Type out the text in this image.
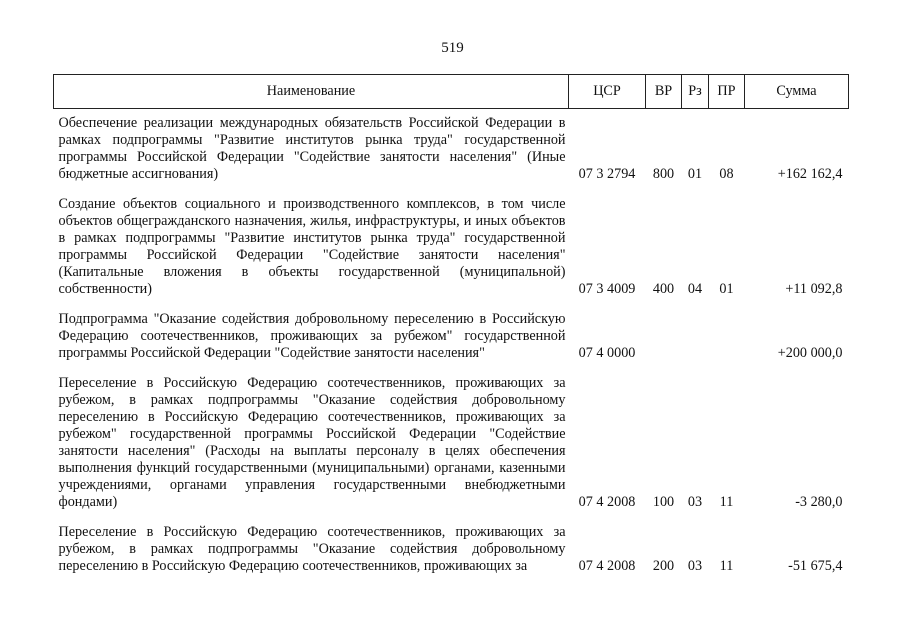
519
Наименование	ЦСР	ВР	Рз	ПР	Сумма
Обеспечение реализации международных обязательств Российской Федерации в рамках подпрограммы "Развитие институтов рынка труда" государственной программы Российской Федерации "Содействие занятости населения" (Иные бюджетные ассигнования)	07 3 2794	800	01	08	+162 162,4

Создание объектов социального и производственного комплексов, в том числе объектов общегражданского назначения, жилья, инфраструктуры, и иных объектов в рамках подпрограммы "Развитие институтов рынка труда" государственной программы Российской Федерации "Содействие занятости населения" (Капитальные вложения в объекты государственной (муниципальной) собственности)	07 3 4009	400	04	01	+11 092,8

Подпрограмма "Оказание содействия добровольному переселению в Российскую Федерацию соотечественников, проживающих за рубежом" государственной программы Российской Федерации "Содействие занятости населения"	07 4 0000				+200 000,0

Переселение в Российскую Федерацию соотечественников, проживающих за рубежом, в рамках подпрограммы "Оказание содействия добровольному переселению в Российскую Федерацию соотечественников, проживающих за рубежом" государственной программы Российской Федерации "Содействие занятости населения" (Расходы на выплаты персоналу в целях обеспечения выполнения функций государственными (муниципальными) органами, казенными учреждениями, органами управления государственными внебюджетными фондами)	07 4 2008	100	03	11	-3 280,0

Переселение в Российскую Федерацию соотечественников, проживающих за рубежом, в рамках подпрограммы "Оказание содействия добровольному переселению в Российскую Федерацию соотечественников, проживающих за	07 4 2008	200	03	11	-51 675,4
